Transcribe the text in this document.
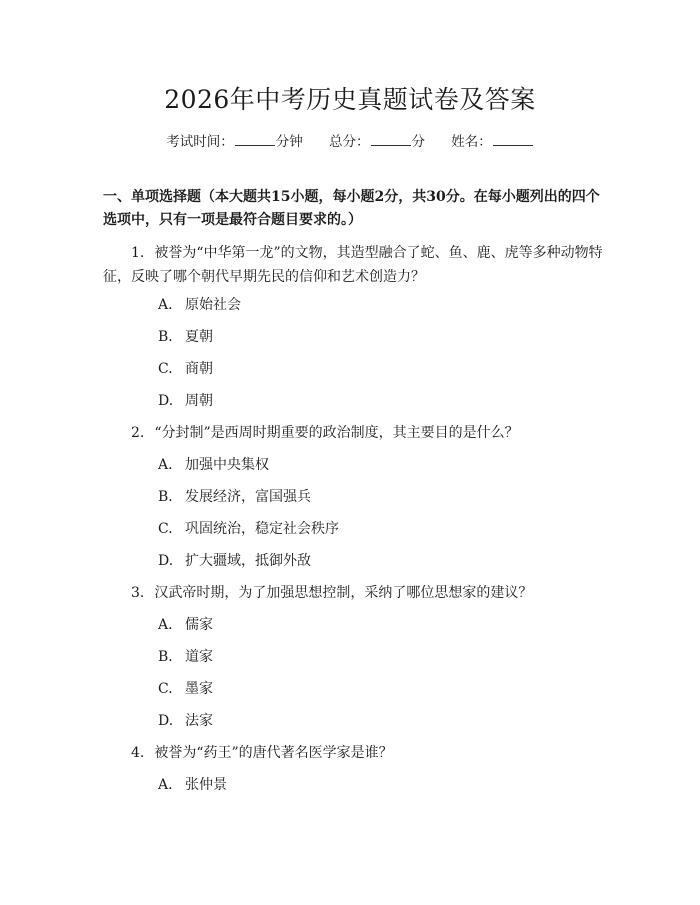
2026年中考历史真题试卷及答案
考试时间：	分钟 总分：	分 姓名：
一、单项选择题（本大题共15小题，每小题2分，共30分。在每小题列出的四个选项中，只有一项是最符合题目要求的。）
1. 被誉为“中华第一龙”的文物，其造型融合了蛇、鱼、鹿、虎等多种动物特征，反映了哪个朝代早期先民的信仰和艺术创造力？
A. 原始社会
B. 夏朝
C. 商朝
D. 周朝
2. “分封制”是西周时期重要的政治制度，其主要目的是什么？
A. 加强中央集权
B. 发展经济，富国强兵
C. 巩固统治，稳定社会秩序
D. 扩大疆域，抵御外敌
3. 汉武帝时期，为了加强思想控制，采纳了哪位思想家的建议？
A. 儒家
B. 道家
C. 墨家
D. 法家
4. 被誉为“药王”的唐代著名医学家是谁？
A. 张仲景
